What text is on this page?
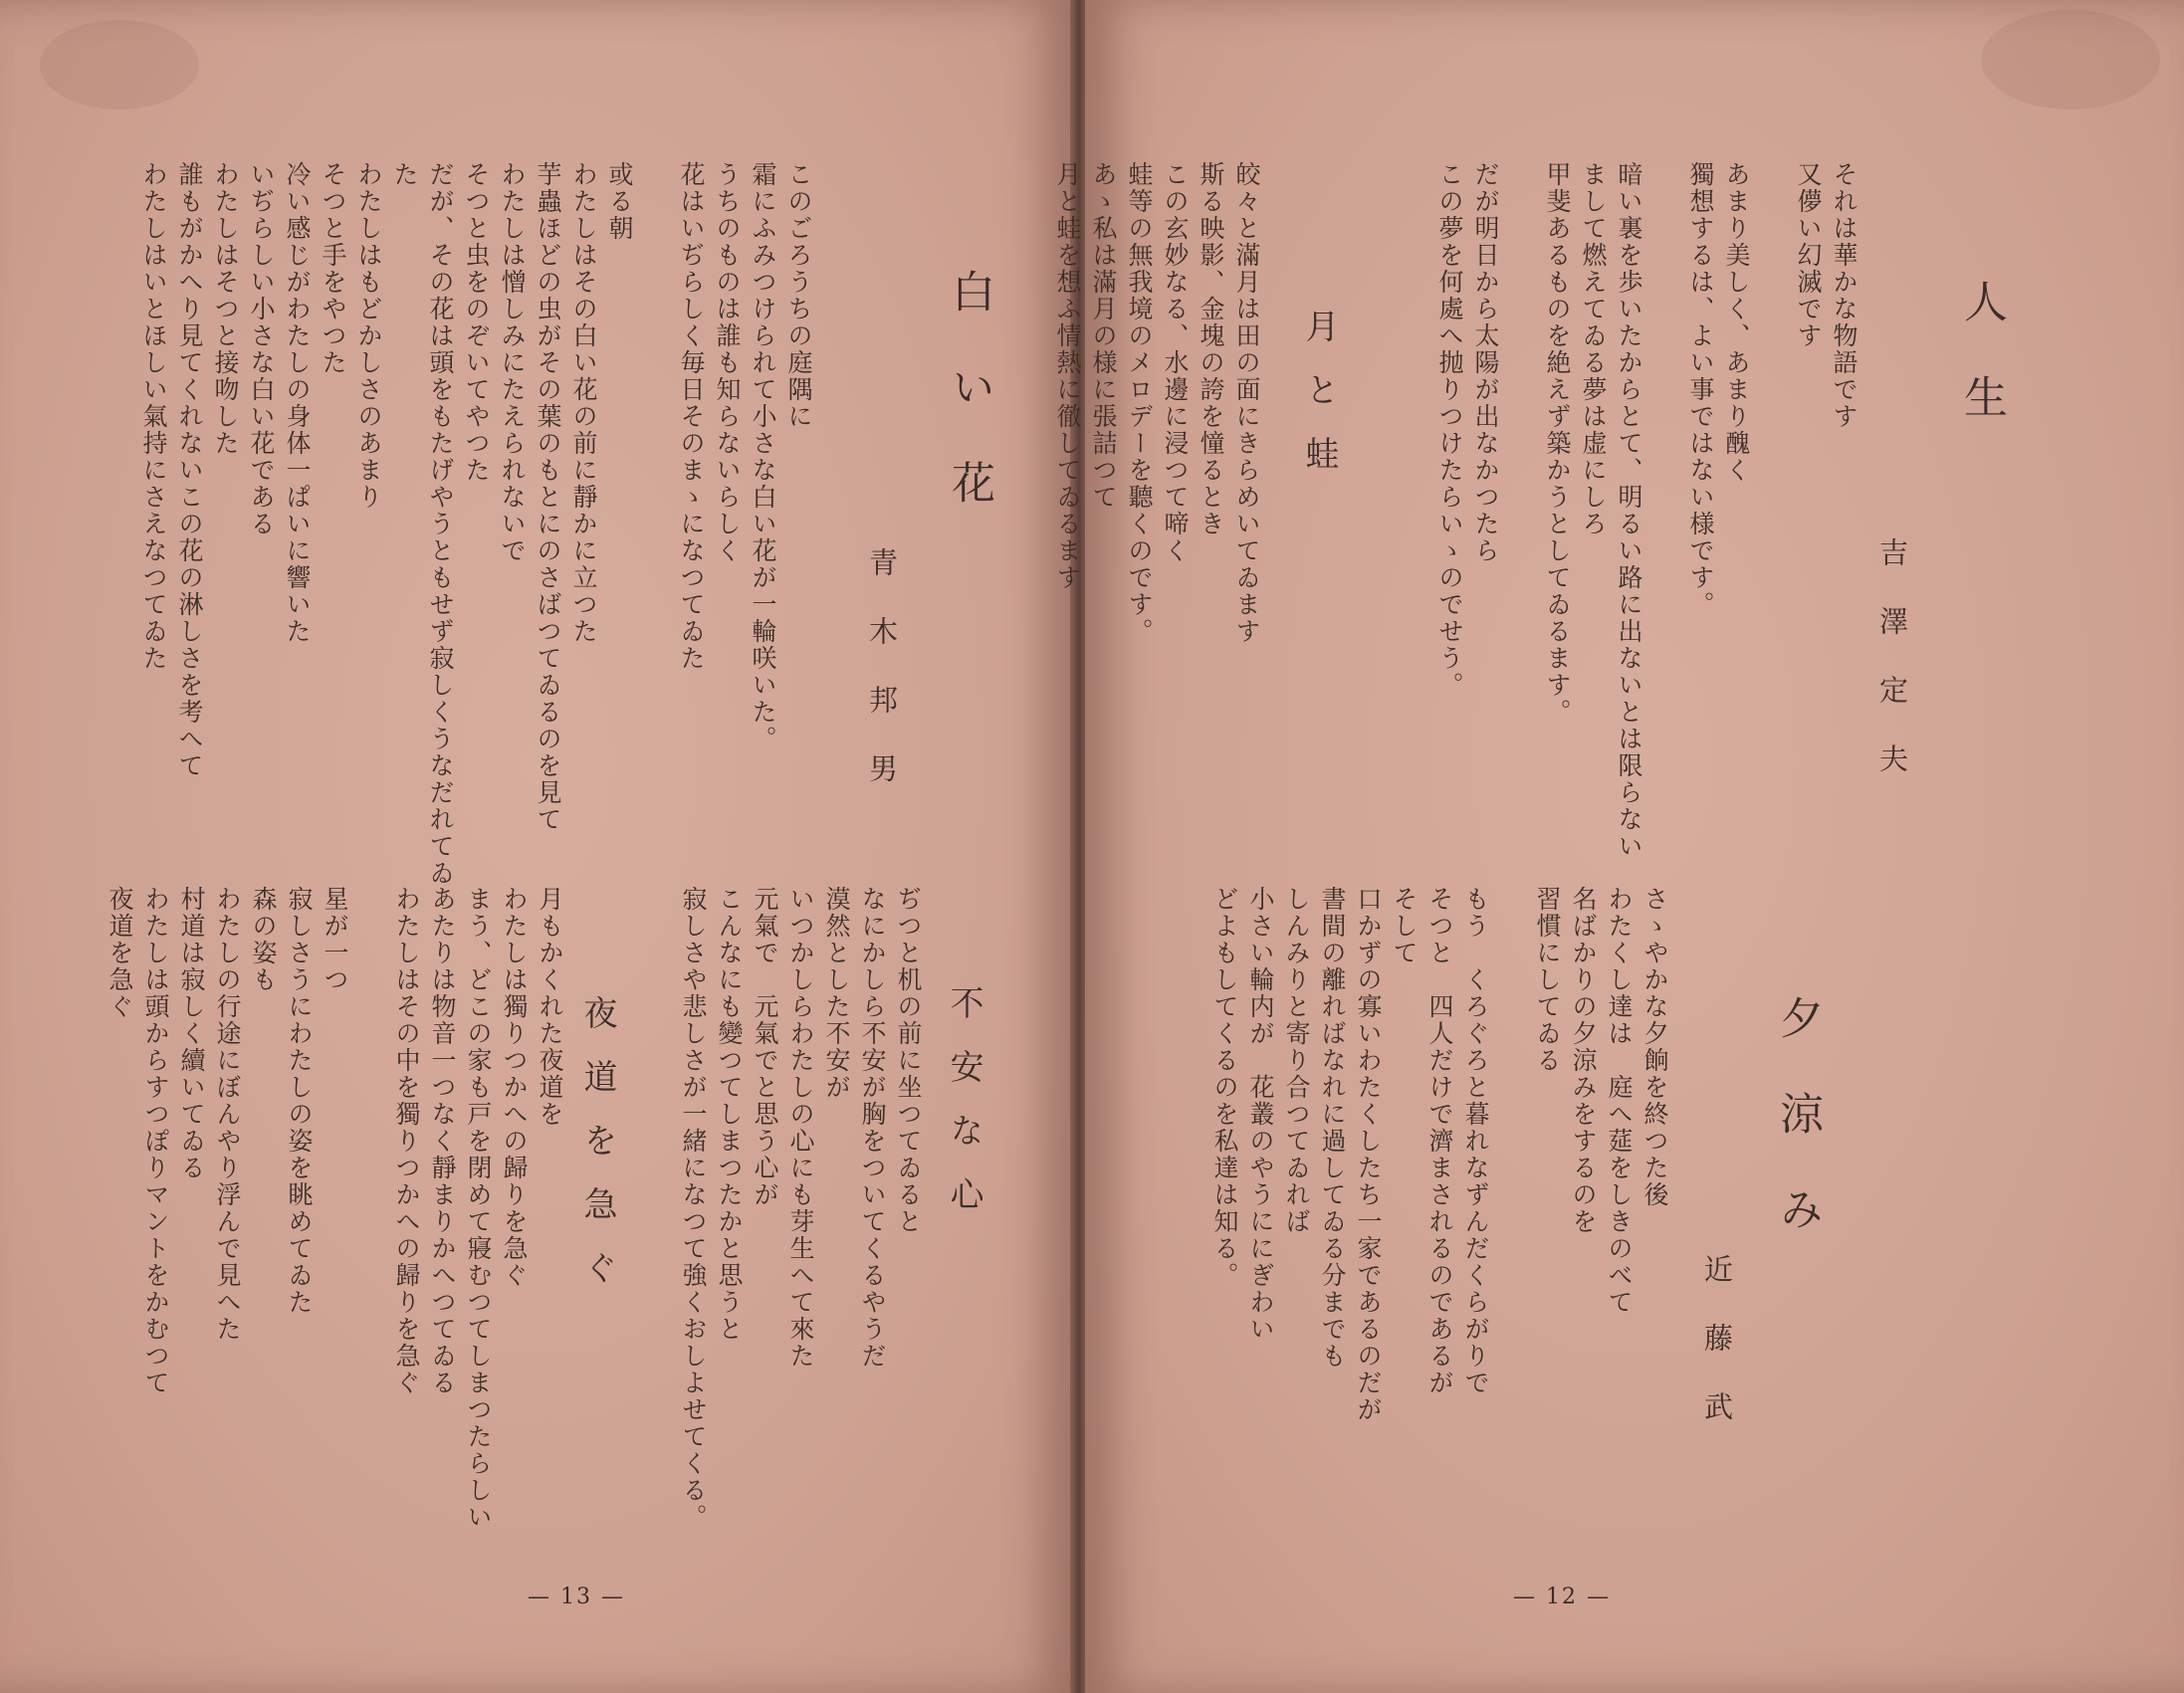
白い花
青木邦男
このごろうちの庭隅に
霜にふみつけられて小さな白い花が一輪咲いた。
うちのものは誰も知らないらしく
花はいぢらしく毎日そのまゝになつてゐた

或る朝
わたしはその白い花の前に靜かに立つた
芋蟲ほどの虫がその葉のもとにのさばつてゐるのを見て
わたしは憎しみにたえられないで
そつと虫をのぞいてやつた
だが、その花は頭をもたげやうともせず寂しくうなだれてゐ
た
わたしはもどかしさのあまり
そつと手をやつた
冷い感じがわたしの身体一ぱいに響いた
いぢらしい小さな白い花である
わたしはそつと接吻した
誰もがかへり見てくれないこの花の淋しさを考へて
わたしはいとほしい氣持にさえなつてゐた
不安な心
ぢつと机の前に坐つてゐると
なにかしら不安が胸をついてくるやうだ
漠然とした不安が
いつかしらわたしの心にも芽生へて來た
元氣で　元氣でと思う心が
こんなにも變つてしまつたかと思うと
寂しさや悲しさが一緒になつて強くおしよせてくる。
夜道を急ぐ
月もかくれた夜道を
わたしは獨りつかへの歸りを急ぐ
まう、どこの家も戸を閉めて寢むつてしまつたらしい
あたりは物音一つなく靜まりかへつてゐる
わたしはその中を獨りつかへの歸りを急ぐ

星が一つ
寂しさうにわたしの姿を眺めてゐた
森の姿も
わたしの行途にぼんやり浮んで見へた
村道は寂しく續いてゐる
わたしは頭からすつぽりマントをかむつて
夜道を急ぐ
— 13 —
人生
吉澤定夫
それは華かな物語です
又儚い幻滅です

あまり美しく、あまり醜く
獨想するは、よい事ではない様です。

暗い裏を歩いたからとて、明るい路に出ないとは限らない
まして燃えてゐる夢は虚にしろ
甲斐あるものを絶えず築かうとしてゐるます。

だが明日から太陽が出なかつたら
この夢を何處へ抛りつけたらいゝのでせう。
月と蛙
皎々と滿月は田の面にきらめいてゐます
斯る映影、金塊の誇を憧るとき
この玄妙なる、水邊に浸つて啼く
蛙等の無我境のメロデーを聽くのです。
あゝ私は滿月の様に張詰つて
月と蛙を想ふ情熱に徹してゐるます
夕涼み
近藤武
さゝやかな夕餉を終つた後
わたくし達は　庭へ莚をしきのべて
名ばかりの夕涼みをするのを
習慣にしてゐる

もう　くろぐろと暮れなずんだくらがりで
そつと　四人だけで濟まされるのであるが
そして
口かずの寡いわたくしたち一家であるのだが
書間の離ればなれに過してゐる分までも
しんみりと寄り合つてゐれば
小さい輪内が　花叢のやうににぎわい
どよもしてくるのを私達は知る。
— 12 —
